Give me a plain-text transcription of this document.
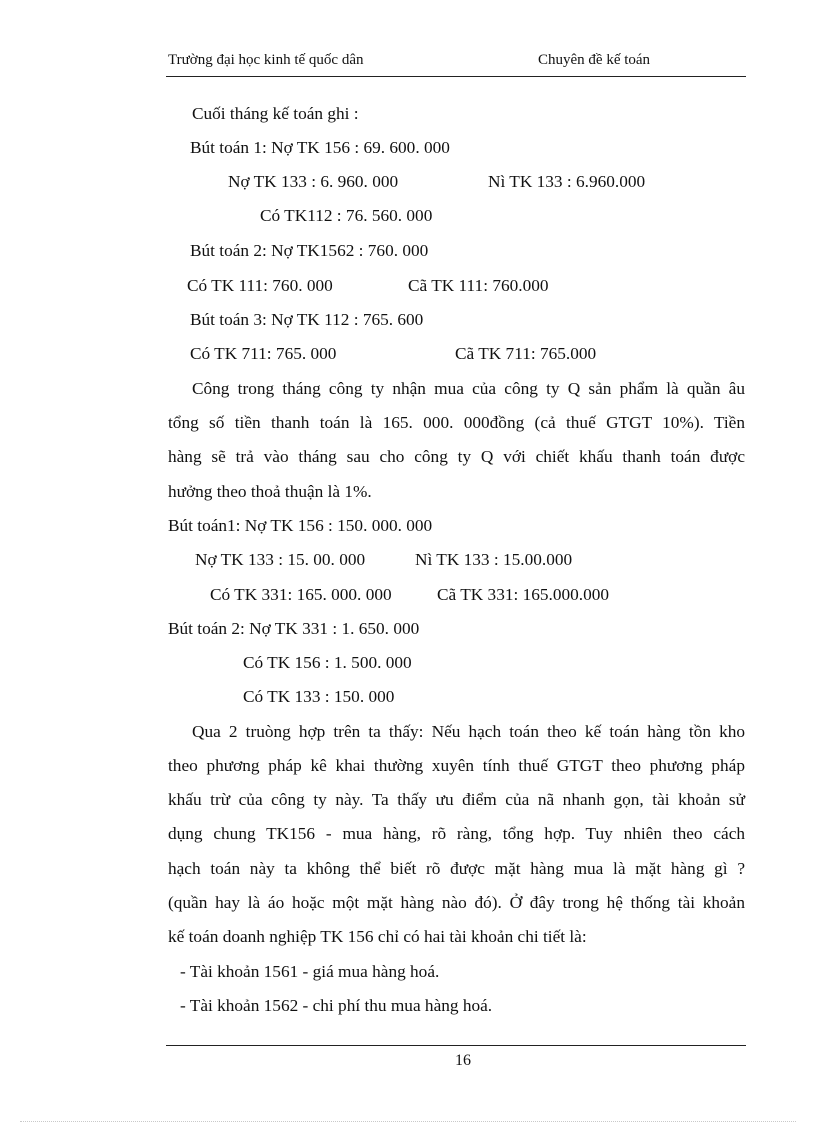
Trường đại học kinh tế quốc dân	Chuyên đề kế toán
Cuối tháng kế toán ghi :
Bút toán 1: Nợ TK 156 : 69. 600. 000
Nợ TK 133 : 6. 960. 000	Nì TK 133 : 6.960.000
Có TK112 : 76. 560. 000
Bút toán 2: Nợ TK1562 : 760. 000
Có TK 111: 760. 000	Cã TK 111: 760.000
Bút toán 3: Nợ TK 112 : 765. 600
Có TK 711: 765. 000	Cã TK 711: 765.000
Công trong tháng công ty nhận mua của công ty Q sản phẩm là quần âu
tổng số tiền thanh toán là 165. 000. 000đồng (cả thuế GTGT 10%). Tiền
hàng sẽ trả vào tháng sau cho công ty Q với chiết khấu thanh toán được
hưởng theo thoả thuận là 1%.
Bút toán1: Nợ TK 156 : 150. 000. 000
Nợ TK 133 : 15. 00. 000	Nì TK 133 : 15.00.000
Có TK 331: 165. 000. 000	Cã TK 331: 165.000.000
Bút toán 2: Nợ TK 331 : 1. 650. 000
Có TK 156 : 1. 500. 000
Có TK 133 : 150. 000
Qua 2 truòng hợp trên ta thấy: Nếu hạch toán theo kế toán hàng tồn kho
theo phương pháp kê khai thường xuyên tính thuế GTGT theo phương pháp
khấu trừ của công ty này. Ta thấy ưu điểm của nã nhanh gọn, tài khoản sử
dụng chung TK156 - mua hàng, rõ ràng, tổng hợp. Tuy nhiên theo cách
hạch toán này ta không thể biết rõ được mặt hàng mua là mặt hàng gì ?
(quần hay là áo hoặc một mặt hàng nào đó). Ở đây trong hệ thống tài khoản
kế toán doanh nghiệp TK 156 chỉ có hai tài khoản chi tiết là:
- Tài khoản 1561 - giá mua hàng hoá.
- Tài khoản 1562 - chi phí thu mua hàng hoá.
16
